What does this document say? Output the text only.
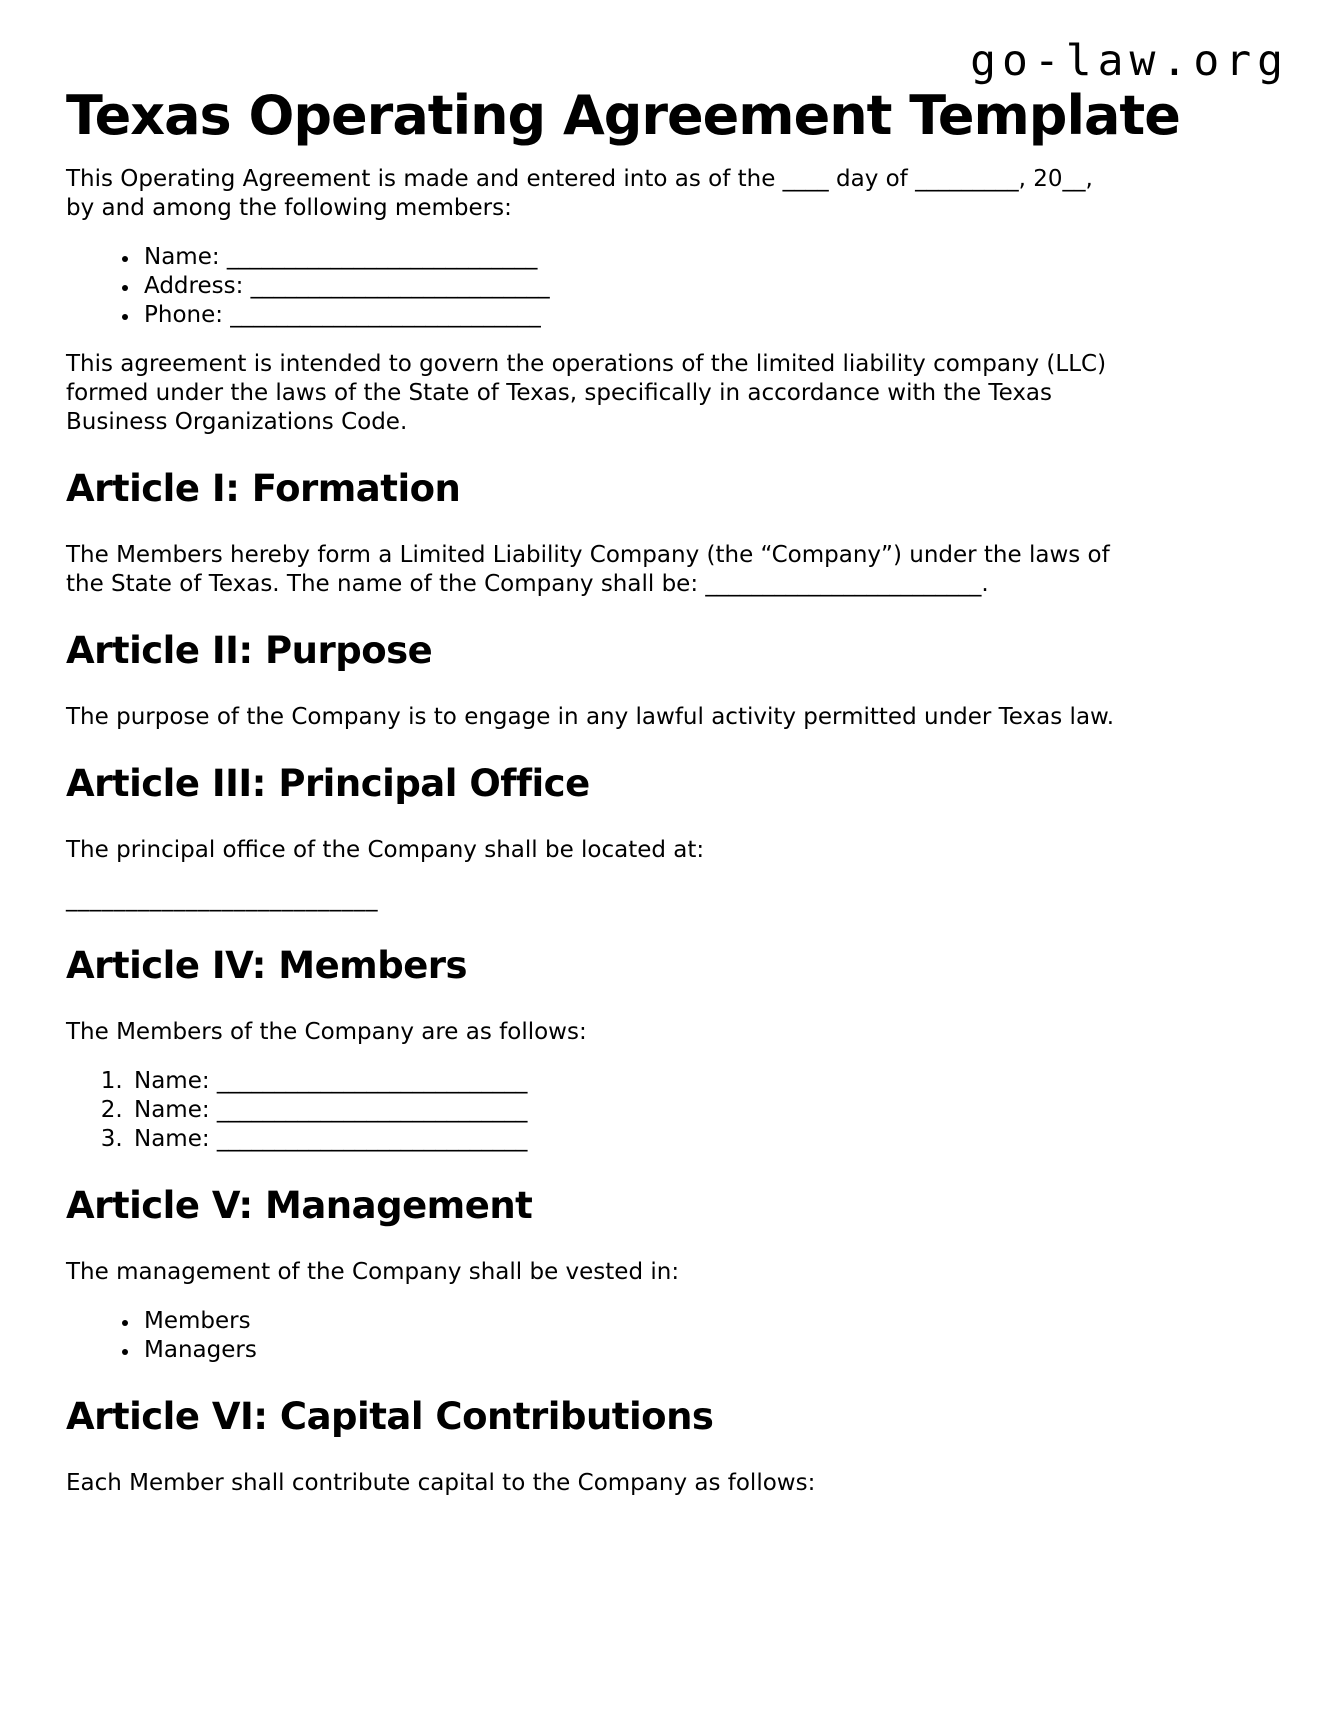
go-law.org
Texas Operating Agreement Template

This Operating Agreement is made and entered into as of the ____ day of _________, 20__,
by and among the following members:

• Name: ___________________________
• Address: __________________________
• Phone: ___________________________

This agreement is intended to govern the operations of the limited liability company (LLC)
formed under the laws of the State of Texas, specifically in accordance with the Texas
Business Organizations Code.

Article I: Formation

The Members hereby form a Limited Liability Company (the “Company”) under the laws of
the State of Texas. The name of the Company shall be: ________________________.

Article II: Purpose

The purpose of the Company is to engage in any lawful activity permitted under Texas law.

Article III: Principal Office

The principal office of the Company shall be located at:

__________________________

Article IV: Members

The Members of the Company are as follows:

1. Name: ___________________________
2. Name: ___________________________
3. Name: ___________________________
Article V: Management

The management of the Company shall be vested in:

• Members
• Managers
Article VI: Capital Contributions

Each Member shall contribute capital to the Company as follows:
